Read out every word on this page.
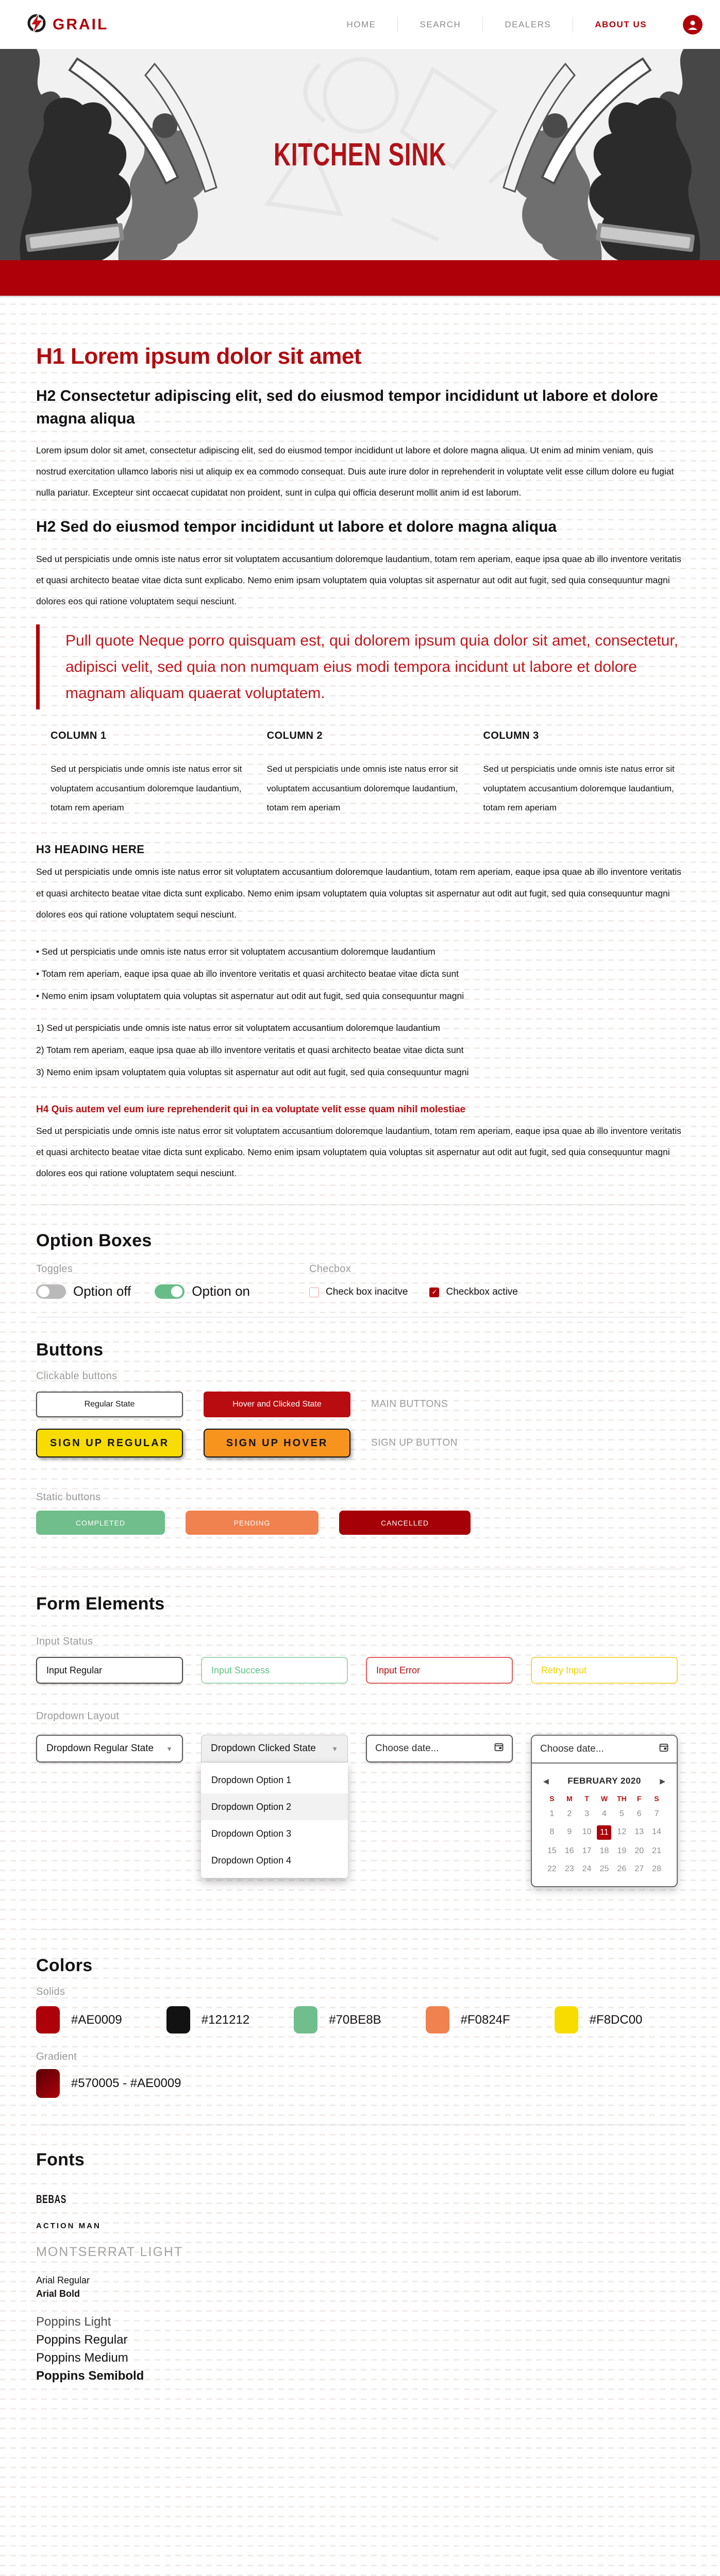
GRAIL	HOME	SEARCH	DEALERS	ABOUT US
KITCHEN SINK
H1 Lorem ipsum dolor sit amet
H2 Consectetur adipiscing elit, sed do eiusmod tempor incididunt ut labore et dolore magna aliqua

Lorem ipsum dolor sit amet, consectetur adipiscing elit, sed do eiusmod tempor incididunt ut labore et dolore magna aliqua. Ut enim ad minim veniam, quis nostrud exercitation ullamco laboris nisi ut aliquip ex ea commodo consequat. Duis aute irure dolor in reprehenderit in voluptate velit esse cillum dolore eu fugiat nulla pariatur. Excepteur sint occaecat cupidatat non proident, sunt in culpa qui officia deserunt mollit anim id est laborum.

H2 Sed do eiusmod tempor incididunt ut labore et dolore magna aliqua

Sed ut perspiciatis unde omnis iste natus error sit voluptatem accusantium doloremque laudantium, totam rem aperiam, eaque ipsa quae ab illo inventore veritatis et quasi architecto beatae vitae dicta sunt explicabo. Nemo enim ipsam voluptatem quia voluptas sit aspernatur aut odit aut fugit, sed quia consequuntur magni dolores eos qui ratione voluptatem sequi nesciunt.

Pull quote Neque porro quisquam est, qui dolorem ipsum quia dolor sit amet, consectetur, adipisci velit, sed quia non numquam eius modi tempora incidunt ut labore et dolore magnam aliquam quaerat voluptatem.
COLUMN 1
Sed ut perspiciatis unde omnis iste natus error sit voluptatem accusantium doloremque laudantium, totam rem aperiam
COLUMN 2
Sed ut perspiciatis unde omnis iste natus error sit voluptatem accusantium doloremque laudantium, totam rem aperiam
COLUMN 3
Sed ut perspiciatis unde omnis iste natus error sit voluptatem accusantium doloremque laudantium, totam rem aperiam
H3 HEADING HERE

Sed ut perspiciatis unde omnis iste natus error sit voluptatem accusantium doloremque laudantium, totam rem aperiam, eaque ipsa quae ab illo inventore veritatis et quasi architecto beatae vitae dicta sunt explicabo. Nemo enim ipsam voluptatem quia voluptas sit aspernatur aut odit aut fugit, sed quia consequuntur magni dolores eos qui ratione voluptatem sequi nesciunt.

• Sed ut perspiciatis unde omnis iste natus error sit voluptatem accusantium doloremque laudantium
• Totam rem aperiam, eaque ipsa quae ab illo inventore veritatis et quasi architecto beatae vitae dicta sunt
• Nemo enim ipsam voluptatem quia voluptas sit aspernatur aut odit aut fugit, sed quia consequuntur magni
Sed ut perspiciatis unde omnis iste natus error sit voluptatem accusantium doloremque laudantium
Totam rem aperiam, eaque ipsa quae ab illo inventore veritatis et quasi architecto beatae vitae dicta sunt
Nemo enim ipsam voluptatem quia voluptas sit aspernatur aut odit aut fugit, sed quia consequuntur magni
H4 Quis autem vel eum iure reprehenderit qui in ea voluptate velit esse quam nihil molestiae

Sed ut perspiciatis unde omnis iste natus error sit voluptatem accusantium doloremque laudantium, totam rem aperiam, eaque ipsa quae ab illo inventore veritatis et quasi architecto beatae vitae dicta sunt explicabo. Nemo enim ipsam voluptatem quia voluptas sit aspernatur aut odit aut fugit, sed quia consequuntur magni dolores eos qui ratione voluptatem sequi nesciunt.

Option Boxes
Toggles
Option off	Option on
Checbox
Check box inacitve	✓ Checkbox active
Buttons
Clickable buttons
Regular State	Hover and Clicked State	MAIN BUTTONS
SIGN UP REGULAR	SIGN UP HOVER	SIGN UP BUTTON
Static buttons
COMPLETED	PENDING	CANCELLED
Form Elements
Input Status
Input Regular
Input Success
Input Error
Retry Input
Dropdown Layout
Dropdown Regular State ▼	Dropdown Clicked State ▼
Dropdown Option 1
Dropdown Option 2
Dropdown Option 3
Dropdown Option 4
Choose date...	Choose date...
◀ FEBRUARY 2020	▶
S	M	T	W	TH	F	S
1	2	3	4	5	6	7
8	9	10	11	12	13	14
15	16	17	18	19	20	21
22	23	24	25	26	27	28
Colors
Solids
#AE0009	#121212	#70BE8B	#F0824F	#F8DC00
Gradient
#570005 - #AE0009
Fonts
BEBAS
ACTION MAN
MONTSERRAT LIGHT
Arial Regular
Arial Bold
Poppins Light
Poppins Regular
Poppins Medium
Poppins Semibold
